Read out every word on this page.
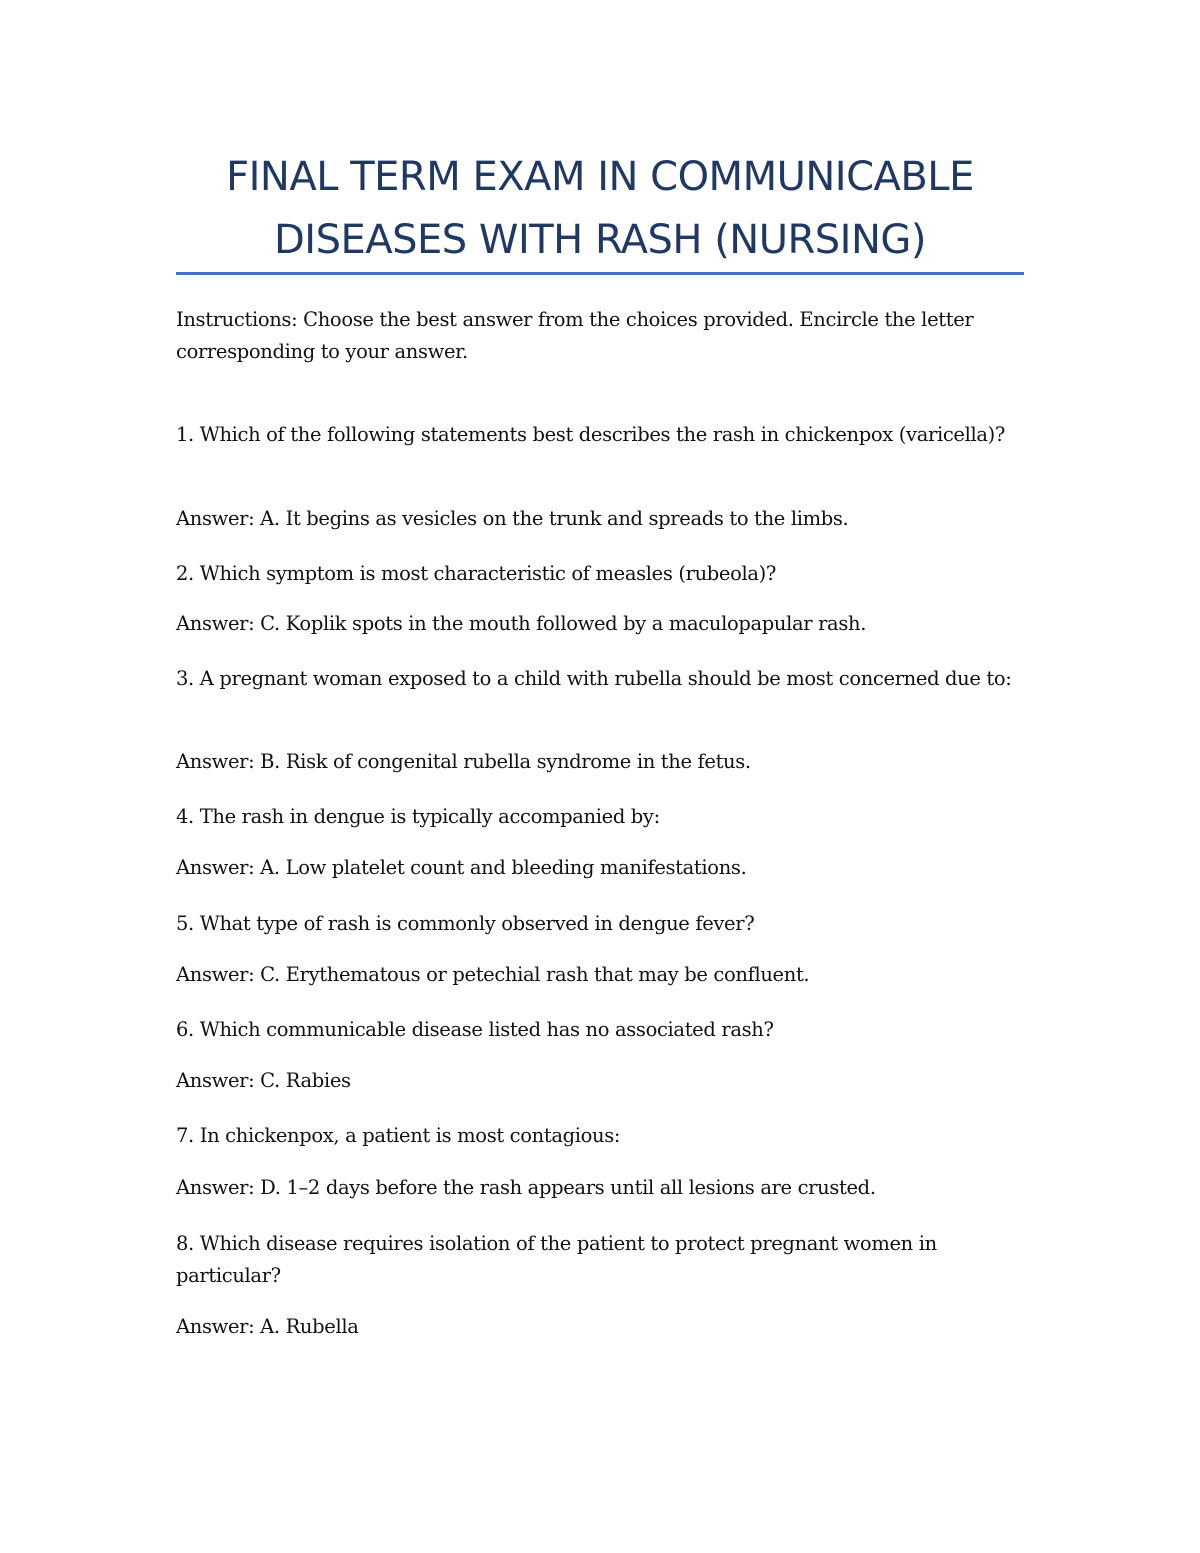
FINAL TERM EXAM IN COMMUNICABLE
DISEASES WITH RASH (NURSING)

Instructions: Choose the best answer from the choices provided. Encircle the letter corresponding to your answer.

1. Which of the following statements best describes the rash in chickenpox (varicella)?

Answer: A. It begins as vesicles on the trunk and spreads to the limbs.

2. Which symptom is most characteristic of measles (rubeola)?

Answer: C. Koplik spots in the mouth followed by a maculopapular rash.

3. A pregnant woman exposed to a child with rubella should be most concerned due to:

Answer: B. Risk of congenital rubella syndrome in the fetus.

4. The rash in dengue is typically accompanied by:

Answer: A. Low platelet count and bleeding manifestations.

5. What type of rash is commonly observed in dengue fever?

Answer: C. Erythematous or petechial rash that may be confluent.

6. Which communicable disease listed has no associated rash?

Answer: C. Rabies

7. In chickenpox, a patient is most contagious:

Answer: D. 1–2 days before the rash appears until all lesions are crusted.

8. Which disease requires isolation of the patient to protect pregnant women in particular?

Answer: A. Rubella
